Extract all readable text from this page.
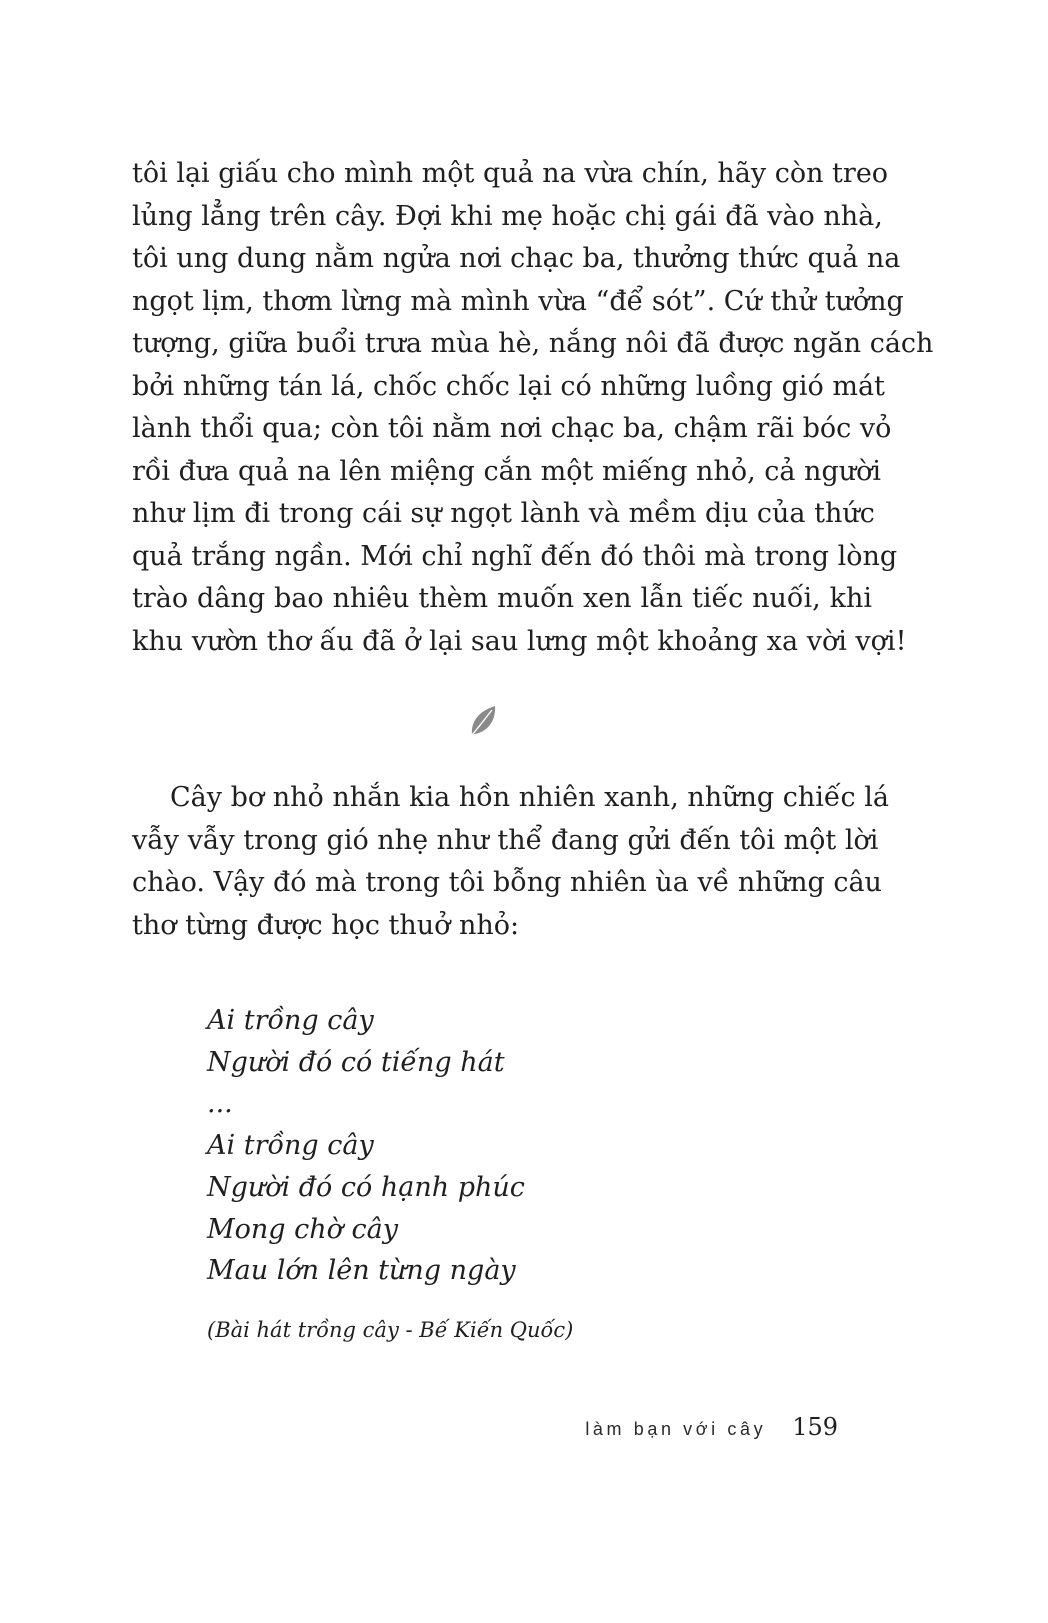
tôi lại giấu cho mình một quả na vừa chín, hãy còn treo
lủng lẳng trên cây. Đợi khi mẹ hoặc chị gái đã vào nhà,
tôi ung dung nằm ngửa nơi chạc ba, thưởng thức quả na
ngọt lịm, thơm lừng mà mình vừa “để sót”. Cứ thử tưởng
tượng, giữa buổi trưa mùa hè, nắng nôi đã được ngăn cách
bởi những tán lá, chốc chốc lại có những luồng gió mát
lành thổi qua; còn tôi nằm nơi chạc ba, chậm rãi bóc vỏ
rồi đưa quả na lên miệng cắn một miếng nhỏ, cả người
như lịm đi trong cái sự ngọt lành và mềm dịu của thức
quả trắng ngần. Mới chỉ nghĩ đến đó thôi mà trong lòng
trào dâng bao nhiêu thèm muốn xen lẫn tiếc nuối, khi
khu vườn thơ ấu đã ở lại sau lưng một khoảng xa vời vợi!
Cây bơ nhỏ nhắn kia hồn nhiên xanh, những chiếc lá
vẫy vẫy trong gió nhẹ như thể đang gửi đến tôi một lời
chào. Vậy đó mà trong tôi bỗng nhiên ùa về những câu
thơ từng được học thuở nhỏ:
Ai trồng cây
Người đó có tiếng hát
...
Ai trồng cây
Người đó có hạnh phúc
Mong chờ cây
Mau lớn lên từng ngày
(Bài hát trồng cây - Bế Kiến Quốc)
làm bạn với cây 159
